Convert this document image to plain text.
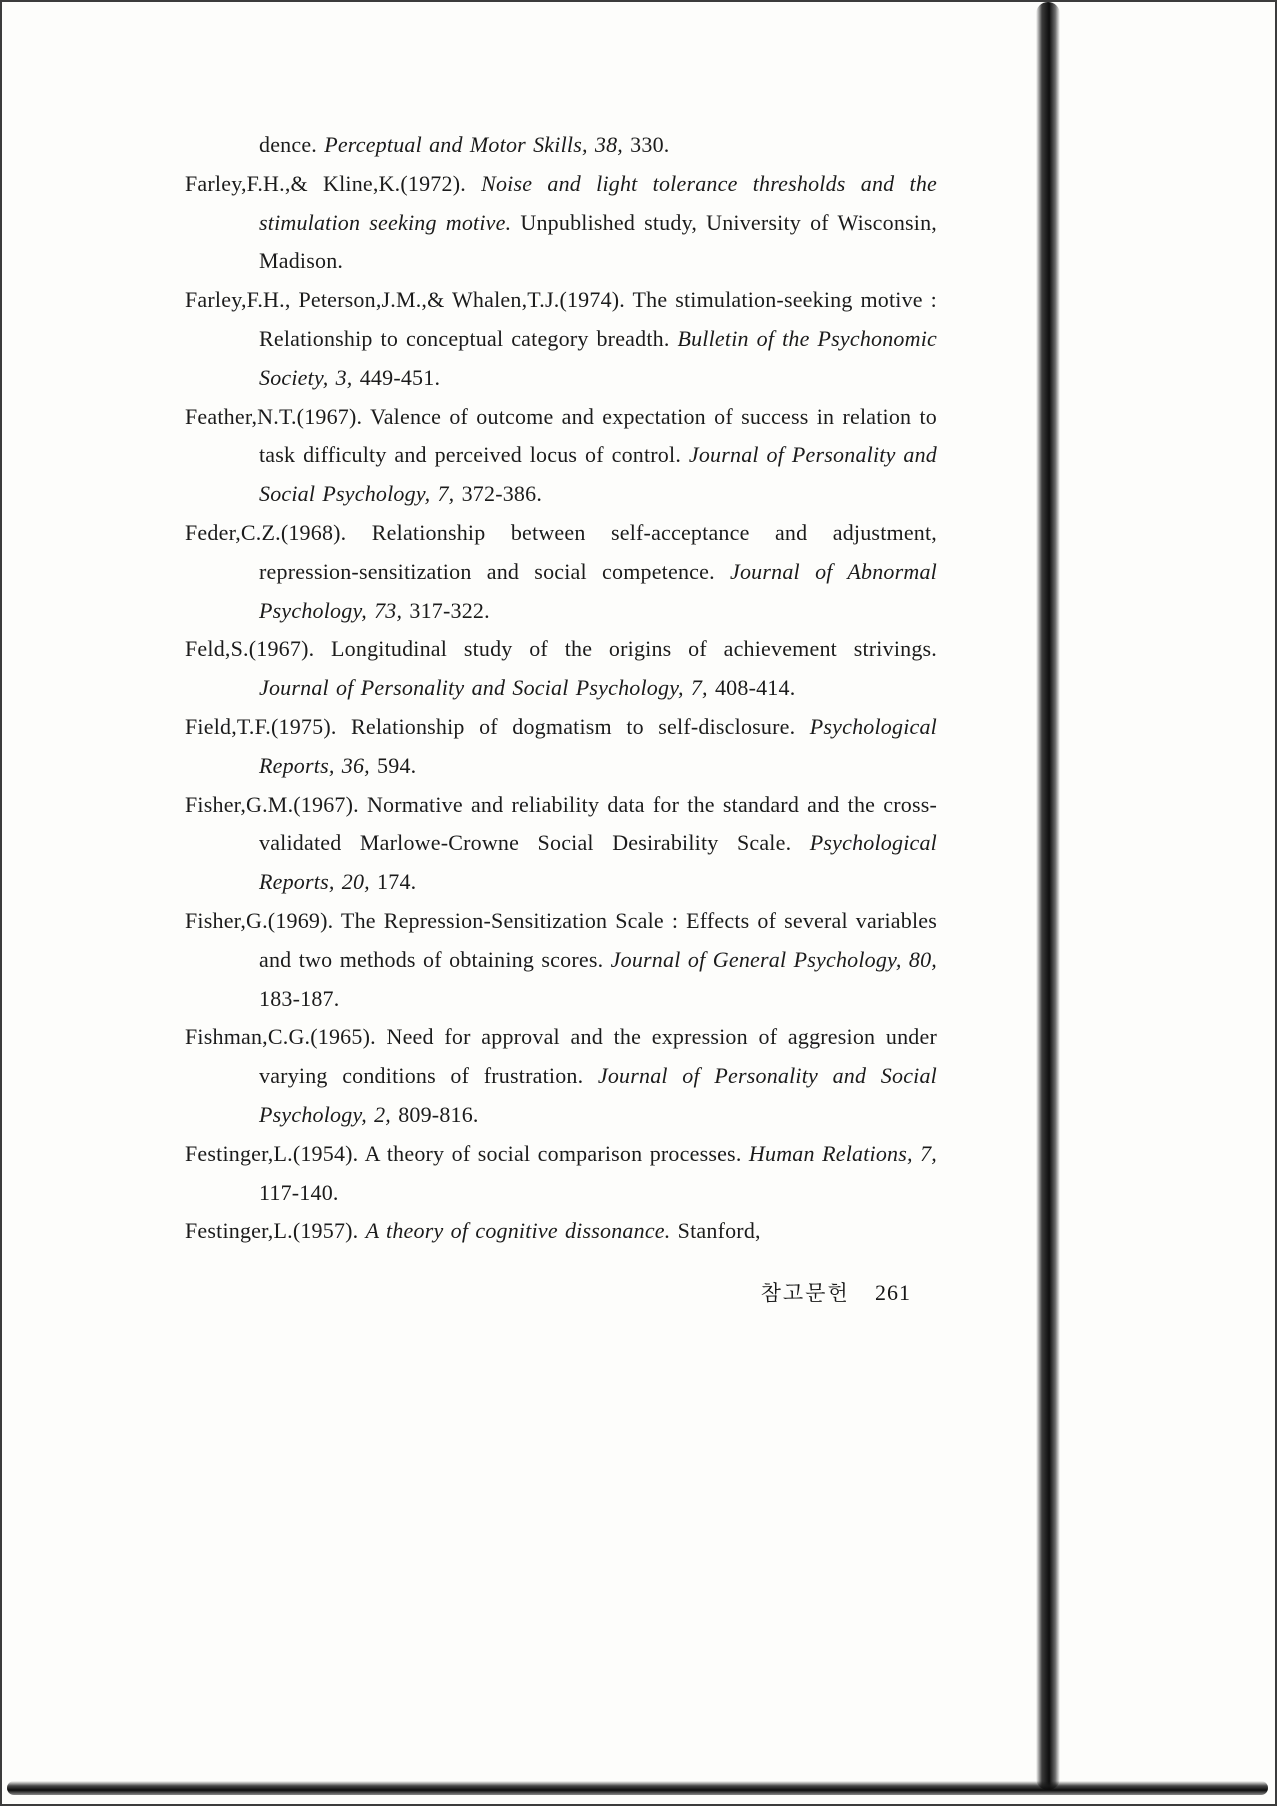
dence. Perceptual and Motor Skills, 38, 330.

Farley,F.H.,& Kline,K.(1972). Noise and light tolerance thresholds and the stimulation seeking motive. Unpublished study, University of Wisconsin, Madison.

Farley,F.H., Peterson,J.M.,& Whalen,T.J.(1974). The stimulation-seeking motive : Relationship to conceptual category breadth. Bulletin of the Psychonomic Society, 3, 449-451.

Feather,N.T.(1967). Valence of outcome and expectation of success in relation to task difficulty and perceived locus of control. Journal of Personality and Social Psychology, 7, 372-386.

Feder,C.Z.(1968). Relationship between self-acceptance and adjustment, repression-sensitization and social competence. Journal of Abnormal Psychology, 73, 317-322.

Feld,S.(1967). Longitudinal study of the origins of achievement strivings. Journal of Personality and Social Psychology, 7, 408-414.

Field,T.F.(1975). Relationship of dogmatism to self-disclosure. Psychological Reports, 36, 594.

Fisher,G.M.(1967). Normative and reliability data for the standard and the cross-validated Marlowe-Crowne Social Desirability Scale. Psychological Reports, 20, 174.

Fisher,G.(1969). The Repression-Sensitization Scale : Effects of several variables and two methods of obtaining scores. Journal of General Psychology, 80, 183-187.

Fishman,C.G.(1965). Need for approval and the expression of aggresion under varying conditions of frustration. Journal of Personality and Social Psychology, 2, 809-816.

Festinger,L.(1954). A theory of social comparison processes. Human Relations, 7, 117-140.

Festinger,L.(1957). A theory of cognitive dissonance. Stanford,

참고문헌 261
